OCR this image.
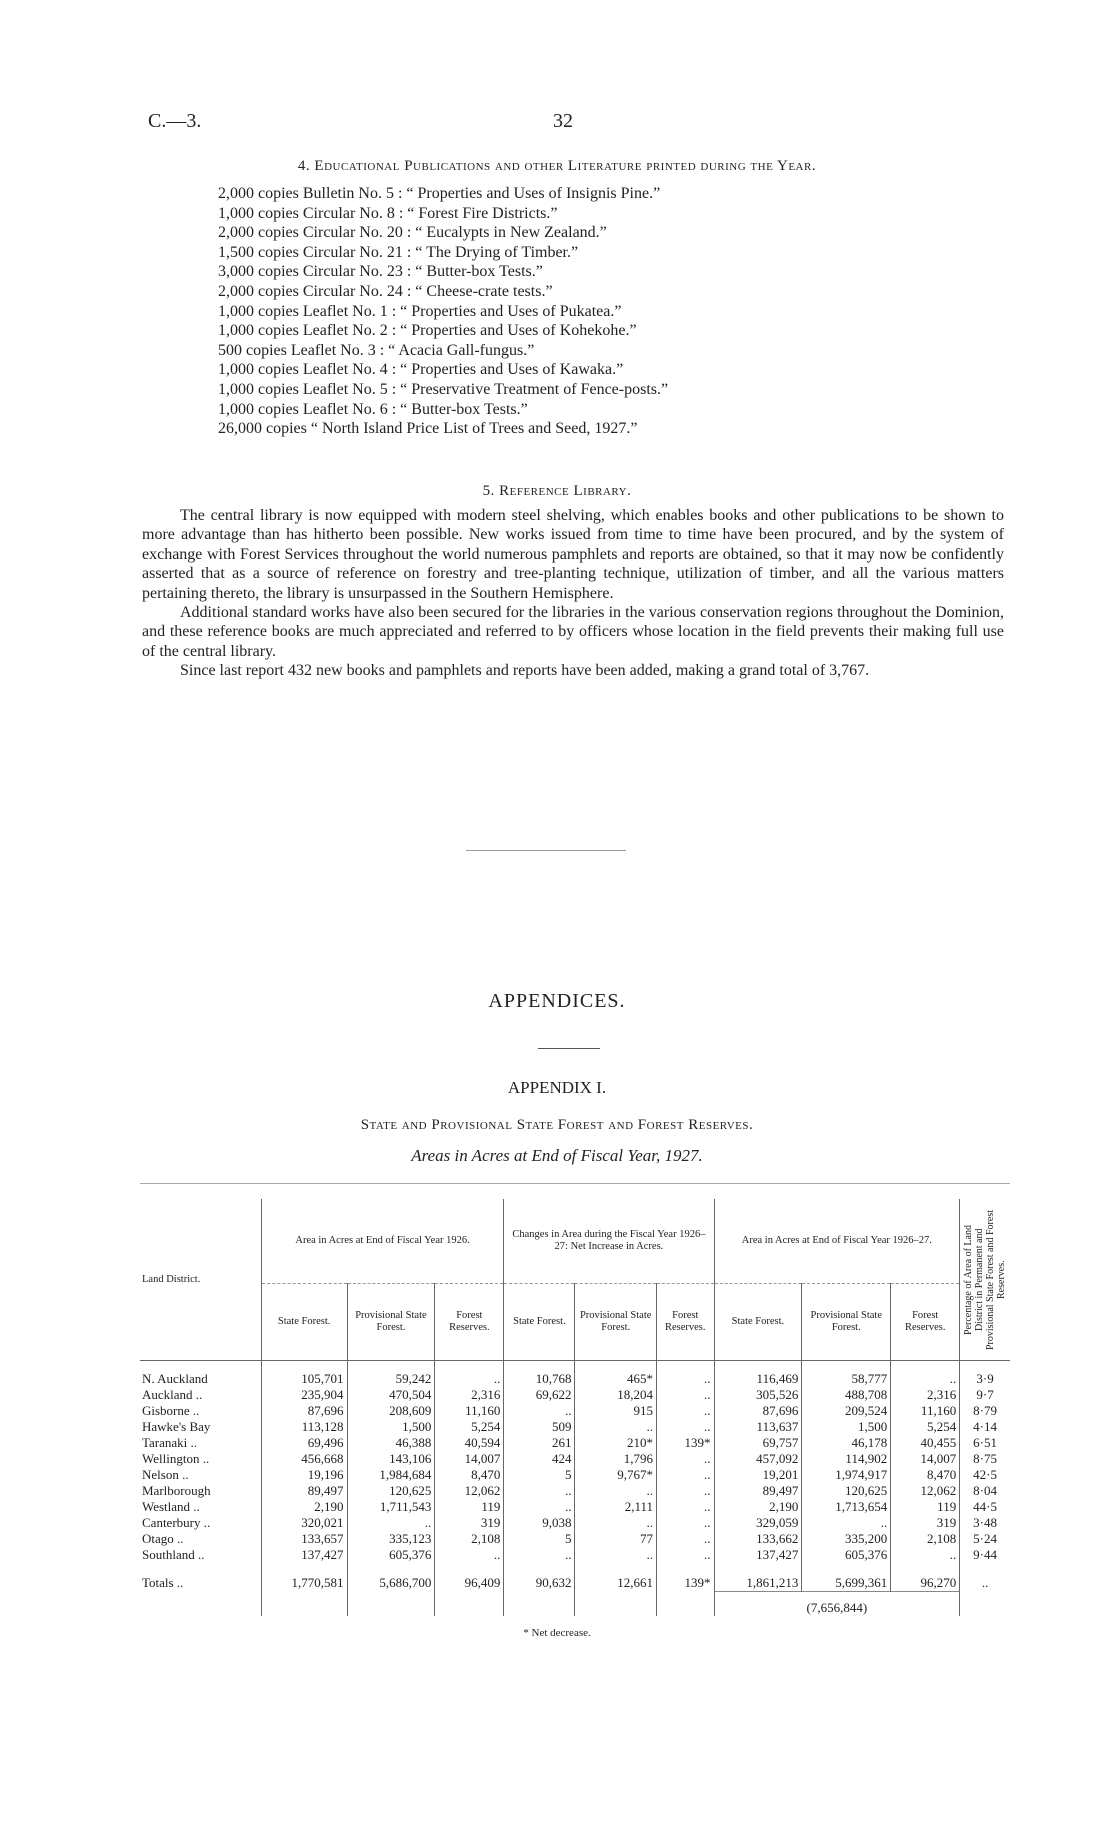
C.—3.	32
4. Educational Publications and other Literature printed during the Year.
2,000 copies Bulletin No. 5 : “ Properties and Uses of Insignis Pine.”
1,000 copies Circular No. 8 : “ Forest Fire Districts.”
2,000 copies Circular No. 20 : “ Eucalypts in New Zealand.”
1,500 copies Circular No. 21 : “ The Drying of Timber.”
3,000 copies Circular No. 23 : “ Butter-box Tests.”
2,000 copies Circular No. 24 : “ Cheese-crate tests.”
1,000 copies Leaflet No. 1 : “ Properties and Uses of Pukatea.”
1,000 copies Leaflet No. 2 : “ Properties and Uses of Kohekohe.”
500 copies Leaflet No. 3 : “ Acacia Gall-fungus.”
1,000 copies Leaflet No. 4 : “ Properties and Uses of Kawaka.”
1,000 copies Leaflet No. 5 : “ Preservative Treatment of Fence-posts.”
1,000 copies Leaflet No. 6 : “ Butter-box Tests.”
26,000 copies “ North Island Price List of Trees and Seed, 1927.”
5. Reference Library.

The central library is now equipped with modern steel shelving, which enables books and other publications to be shown to more advantage than has hitherto been possible. New works issued from time to time have been procured, and by the system of exchange with Forest Services throughout the world numerous pamphlets and reports are obtained, so that it may now be confidently asserted that as a source of reference on forestry and tree-planting technique, utilization of timber, and all the various matters pertaining thereto, the library is unsurpassed in the Southern Hemisphere.

Additional standard works have also been secured for the libraries in the various conservation regions throughout the Dominion, and these reference books are much appreciated and referred to by officers whose location in the field prevents their making full use of the central library.

Since last report 432 new books and pamphlets and reports have been added, making a grand total of 3,767.

APPENDICES.
APPENDIX I.
State and Provisional State Forest and Forest Reserves.
Areas in Acres at End of Fiscal Year, 1927.
Land District.	Area in Acres at End of Fiscal Year 1926.			Changes in Area during the Fiscal Year 1926–27: Net Increase in Acres.			Area in Acres at End of Fiscal Year 1926–27.			Percentage of Area of Land District in Permanent and Provisional State Forest and Forest Reserves.

	State Forest.	Provisional State Forest.	Forest Reserves.	State Forest.	Provisional State Forest.	Forest Reserves.	State Forest.	Provisional State Forest.	Forest Reserves.	

N. Auckland	105,701	59,242	..	10,768	465*	..	116,469	58,777	..	3·9
Auckland ..	235,904	470,504	2,316	69,622	18,204	..	305,526	488,708	2,316	9·7
Gisborne ..	87,696	208,609	11,160	..	915	..	87,696	209,524	11,160	8·79
Hawke's Bay	113,128	1,500	5,254	509	..	..	113,637	1,500	5,254	4·14
Taranaki ..	69,496	46,388	40,594	261	210*	139*	69,757	46,178	40,455	6·51
Wellington ..	456,668	143,106	14,007	424	1,796	..	457,092	114,902	14,007	8·75
Nelson ..	19,196	1,984,684	8,470	5	9,767*	..	19,201	1,974,917	8,470	42·5
Marlborough	89,497	120,625	12,062	..	..	..	89,497	120,625	12,062	8·04
Westland ..	2,190	1,711,543	119	..	2,111	..	2,190	1,713,654	119	44·5
Canterbury ..	320,021	..	319	9,038	..	..	329,059	..	319	3·48
Otago ..	133,657	335,123	2,108	5	77	..	133,662	335,200	2,108	5·24
Southland ..	137,427	605,376	..	..	..	..	137,427	605,376	..	9·44

Totals ..	1,770,581	5,686,700	96,409	90,632	12,661	139*	1,861,213	5,699,361	96,270	..
							(7,656,844)			
* Net decrease.
